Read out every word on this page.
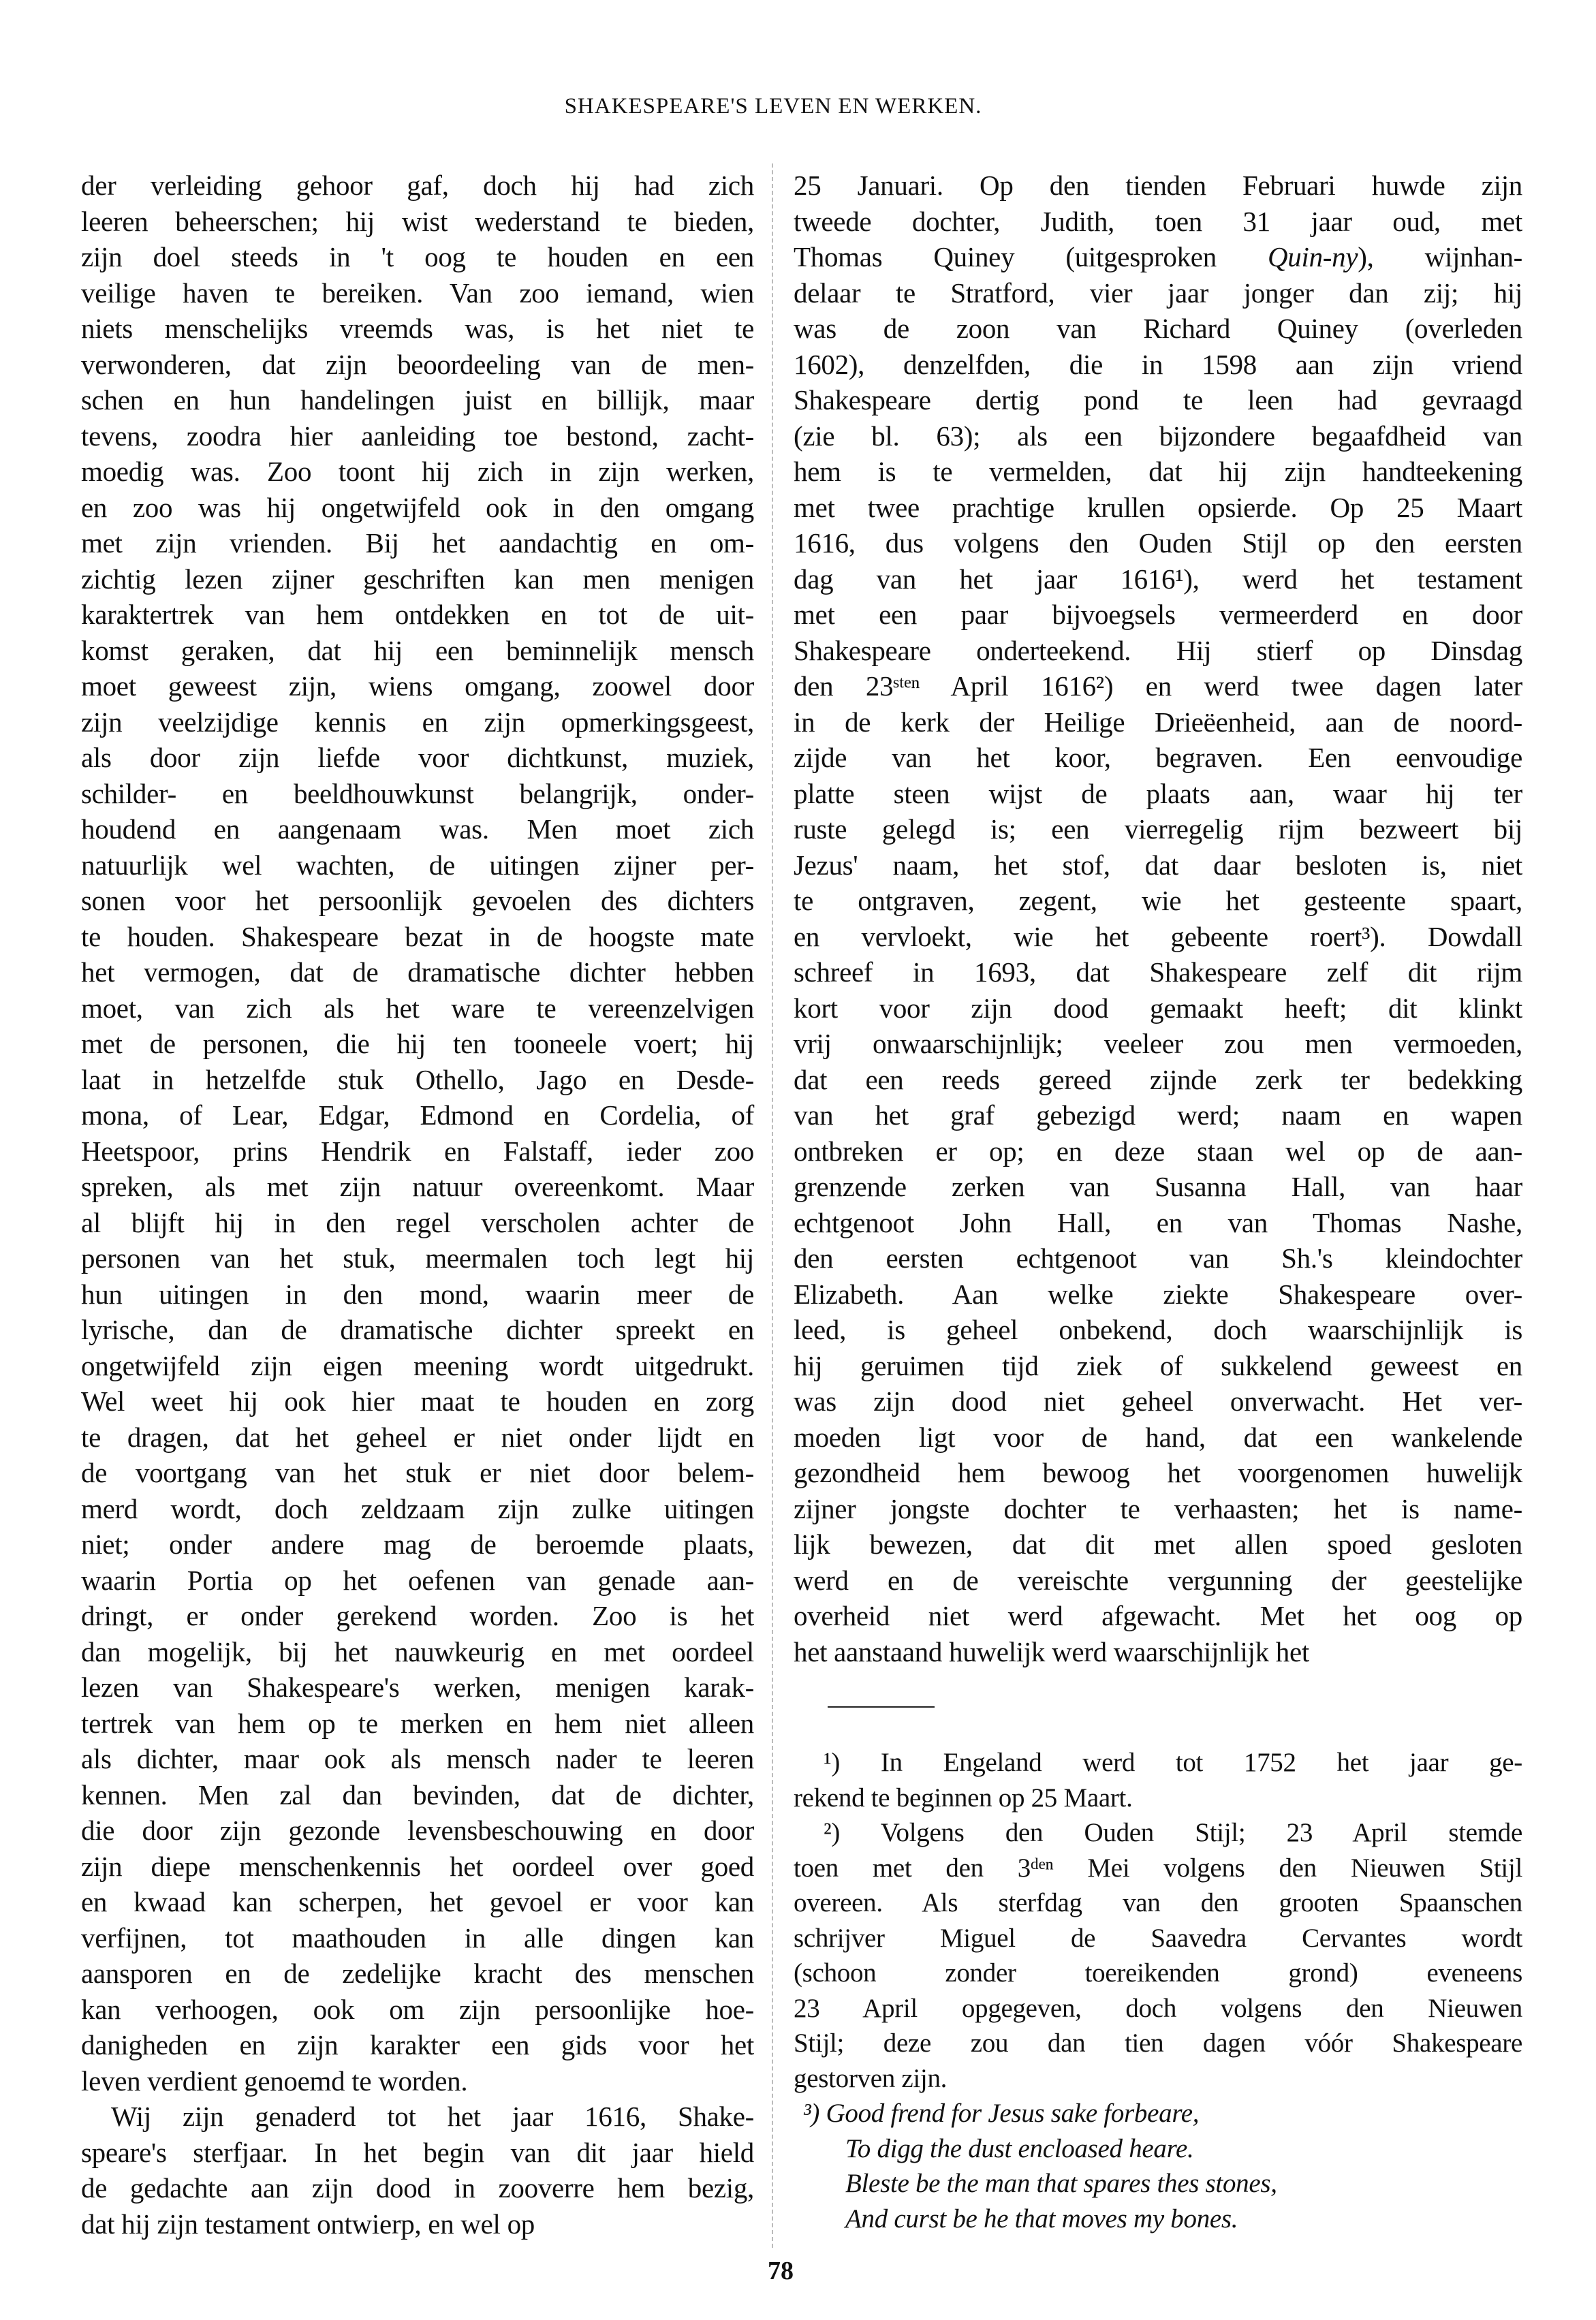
SHAKESPEARE'S LEVEN EN WERKEN.
der verleiding gehoor gaf, doch hij had zich
leeren beheerschen; hij wist wederstand te bieden,
zijn doel steeds in 't oog te houden en een
veilige haven te bereiken. Van zoo iemand, wien
niets menschelijks vreemds was, is het niet te
verwonderen, dat zijn beoordeeling van de men-
schen en hun handelingen juist en billijk, maar
tevens, zoodra hier aanleiding toe bestond, zacht-
moedig was. Zoo toont hij zich in zijn werken,
en zoo was hij ongetwijfeld ook in den omgang
met zijn vrienden. Bij het aandachtig en om-
zichtig lezen zijner geschriften kan men menigen
karaktertrek van hem ontdekken en tot de uit-
komst geraken, dat hij een beminnelijk mensch
moet geweest zijn, wiens omgang, zoowel door
zijn veelzijdige kennis en zijn opmerkingsgeest,
als door zijn liefde voor dichtkunst, muziek,
schilder- en beeldhouwkunst belangrijk, onder-
houdend en aangenaam was. Men moet zich
natuurlijk wel wachten, de uitingen zijner per-
sonen voor het persoonlijk gevoelen des dichters
te houden. Shakespeare bezat in de hoogste mate
het vermogen, dat de dramatische dichter hebben
moet, van zich als het ware te vereenzelvigen
met de personen, die hij ten tooneele voert; hij
laat in hetzelfde stuk Othello, Jago en Desde-
mona, of Lear, Edgar, Edmond en Cordelia, of
Heetspoor, prins Hendrik en Falstaff, ieder zoo
spreken, als met zijn natuur overeenkomt. Maar
al blijft hij in den regel verscholen achter de
personen van het stuk, meermalen toch legt hij
hun uitingen in den mond, waarin meer de
lyrische, dan de dramatische dichter spreekt en
ongetwijfeld zijn eigen meening wordt uitgedrukt.
Wel weet hij ook hier maat te houden en zorg
te dragen, dat het geheel er niet onder lijdt en
de voortgang van het stuk er niet door belem-
merd wordt, doch zeldzaam zijn zulke uitingen
niet; onder andere mag de beroemde plaats,
waarin Portia op het oefenen van genade aan-
dringt, er onder gerekend worden. Zoo is het
dan mogelijk, bij het nauwkeurig en met oordeel
lezen van Shakespeare's werken, menigen karak-
tertrek van hem op te merken en hem niet alleen
als dichter, maar ook als mensch nader te leeren
kennen. Men zal dan bevinden, dat de dichter,
die door zijn gezonde levensbeschouwing en door
zijn diepe menschenkennis het oordeel over goed
en kwaad kan scherpen, het gevoel er voor kan
verfijnen, tot maathouden in alle dingen kan
aansporen en de zedelijke kracht des menschen
kan verhoogen, ook om zijn persoonlijke hoe-
danigheden en zijn karakter een gids voor het
leven verdient genoemd te worden.
Wij zijn genaderd tot het jaar 1616, Shake-
speare's sterfjaar. In het begin van dit jaar hield
de gedachte aan zijn dood in zooverre hem bezig,
dat hij zijn testament ontwierp, en wel op
25 Januari. Op den tienden Februari huwde zijn
tweede dochter, Judith, toen 31 jaar oud, met
Thomas Quiney (uitgesproken Quin-ny), wijnhan-
delaar te Stratford, vier jaar jonger dan zij; hij
was de zoon van Richard Quiney (overleden
1602), denzelfden, die in 1598 aan zijn vriend
Shakespeare dertig pond te leen had gevraagd
(zie bl. 63); als een bijzondere begaafdheid van
hem is te vermelden, dat hij zijn handteekening
met twee prachtige krullen opsierde. Op 25 Maart
1616, dus volgens den Ouden Stijl op den eersten
dag van het jaar 1616¹), werd het testament
met een paar bijvoegsels vermeerderd en door
Shakespeare onderteekend. Hij stierf op Dinsdag
den 23ˢᵗᵉⁿ April 1616²) en werd twee dagen later
in de kerk der Heilige Drieëenheid, aan de noord-
zijde van het koor, begraven. Een eenvoudige
platte steen wijst de plaats aan, waar hij ter
ruste gelegd is; een vierregelig rijm bezweert bij
Jezus' naam, het stof, dat daar besloten is, niet
te ontgraven, zegent, wie het gesteente spaart,
en vervloekt, wie het gebeente roert³). Dowdall
schreef in 1693, dat Shakespeare zelf dit rijm
kort voor zijn dood gemaakt heeft; dit klinkt
vrij onwaarschijnlijk; veeleer zou men vermoeden,
dat een reeds gereed zijnde zerk ter bedekking
van het graf gebezigd werd; naam en wapen
ontbreken er op; en deze staan wel op de aan-
grenzende zerken van Susanna Hall, van haar
echtgenoot John Hall, en van Thomas Nashe,
den eersten echtgenoot van Sh.'s kleindochter
Elizabeth. Aan welke ziekte Shakespeare over-
leed, is geheel onbekend, doch waarschijnlijk is
hij geruimen tijd ziek of sukkelend geweest en
was zijn dood niet geheel onverwacht. Het ver-
moeden ligt voor de hand, dat een wankelende
gezondheid hem bewoog het voorgenomen huwelijk
zijner jongste dochter te verhaasten; het is name-
lijk bewezen, dat dit met allen spoed gesloten
werd en de vereischte vergunning der geestelijke
overheid niet werd afgewacht. Met het oog op
het aanstaand huwelijk werd waarschijnlijk het
¹) In Engeland werd tot 1752 het jaar ge-
rekend te beginnen op 25 Maart.
²) Volgens den Ouden Stijl; 23 April stemde
toen met den 3ᵈᵉⁿ Mei volgens den Nieuwen Stijl
overeen. Als sterfdag van den grooten Spaanschen
schrijver Miguel de Saavedra Cervantes wordt
(schoon zonder toereikenden grond) eveneens
23 April opgegeven, doch volgens den Nieuwen
Stijl; deze zou dan tien dagen vóór Shakespeare
gestorven zijn.
³) Good frend for Jesus sake forbeare,
To digg the dust encloased heare.
Bleste be the man that spares thes stones,
And curst be he that moves my bones.
78
